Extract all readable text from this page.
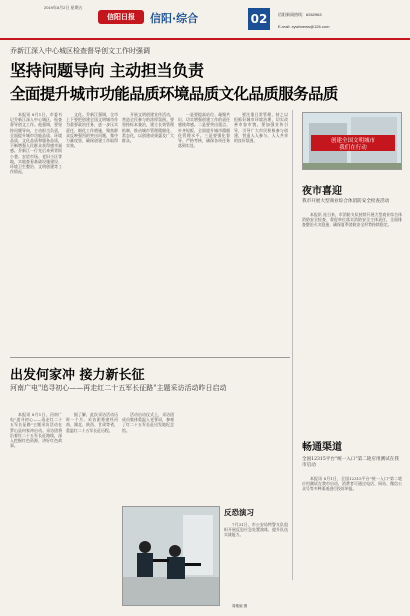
2019年8月2日 星期五
信阳日报	信阳·综合	02	信阳新闻热线：6262963
E-mail: xywbnews@126.com
乔新江深入中心城区检查督导创文工作时强调
坚持问题导向 主动担当负责
全面提升城市功能品质环境品质文化品质服务品质

本报讯 8月1日，市委书记乔新江深入中心城区，检查督导创文工作。他强调，要坚持问题导向，主动担当负责，全面提升城市功能品质、环境品质、文化品质和服务品质，不断增强人民群众获得感幸福感。乔新江一行先后来到背街小巷、农贸市场、老旧小区等地，实地查看基础设施建设、环境卫生整治、文明创建等工作情况。

文化。乔新江强调，全市上下要把创建全国文明城市作为重要政治任务，进一步压实责任，细化工作措施，聚焦群众反映强烈的突出问题，集中力量攻坚，确保创建工作取得实效。

开展文明创建宣传活动，营造全民参与的浓厚氛围。要坚持标本兼治，建立长效管理机制，推动城市管理精细化、常态化，以创建成果惠及广大群众。

一是要提高站位、凝聚共识，切实增强创建工作的责任感使命感。二是要突出重点、补齐短板，全面提升城市精细化管理水平。三是要强化督导、严格考核，确保各项任务落到实处。

要注重日常管理，持之以恒抓好城市环境治理，切实改善市容市貌。要加强宣传引导，引导广大市民积极参与创建，营造人人参与、人人共享的良好氛围。	创建全国文明城市
我们在行动
夜市喜迎
我市开展大型商业综合体消防安全检查活动

本报讯 连日来，市消防支队持续开展大型商业综合体消防安全检查，督促单位落实消防安全主体责任，全面排查整治火灾隐患，确保夏季消防安全形势持续稳定。

畅通渠道
全国12315平台"统一入口"第二轮应用测试在我市启动

本报讯 8月1日，全国12315平台"统一入口"第二轮应用测试在我市启动，消费者可通过电话、网站、微信公众号等多种渠道进行投诉举报。

出发何家冲 接力新长征
河南广电"追寻初心——再走红二十五军长征路"主题采访活动昨日启动

本报讯 8月1日，河南广电"追寻初心——再走红二十五军长征路"主题采访活动在罗山县何家冲启动。采访团将沿着红二十五军长征路线，深入挖掘红色资源，讲好红色故事。

据了解，此次采访活动历时一个月，采访团将途经河南、湖北、陕西、甘肃等省，重温红二十五军长征历程。

活动启动仪式上，采访团成员集体重温入党誓词，参观了红二十五军长征出发地纪念馆。

反恐演习

7月31日，市公安局特警支队组织开展反恐应急处置演练，提升队伍实战能力。

周雅丽 摄
